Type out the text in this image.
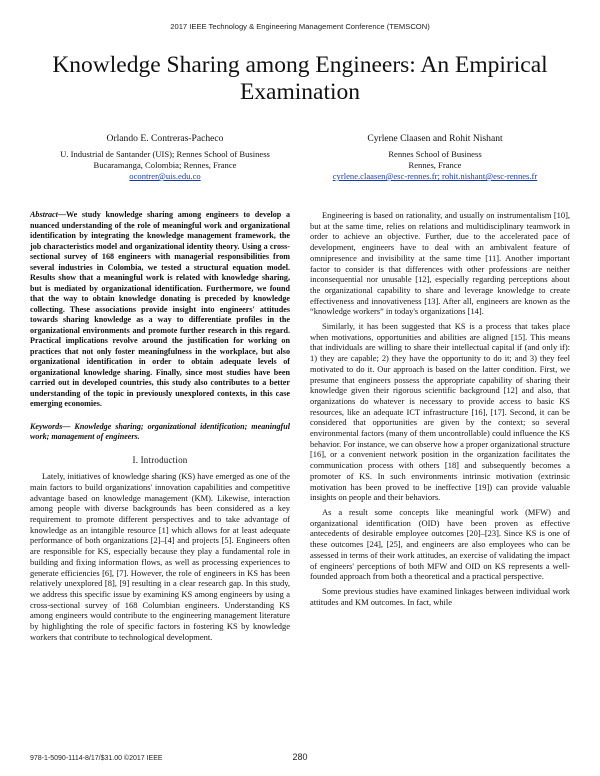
2017 IEEE Technology & Engineering Management Conference (TEMSCON)
Knowledge Sharing among Engineers: An Empirical Examination
Orlando E. Contreras-Pacheco
U. Industrial de Santander (UIS); Rennes School of Business
Bucaramanga, Colombia; Rennes, France
ocontrer@uis.edu.co
Cyrlene Claasen and Rohit Nishant
Rennes School of Business
Rennes, France
cyrlene.claasen@esc-rennes.fr; rohit.nishant@esc-rennes.fr
Abstract—We study knowledge sharing among engineers to develop a nuanced understanding of the role of meaningful work and organizational identification by integrating the knowledge management framework, the job characteristics model and organizational identity theory. Using a cross-sectional survey of 168 engineers with managerial responsibilities from several industries in Colombia, we tested a structural equation model. Results show that a meaningful work is related with knowledge sharing, but is mediated by organizational identification. Furthermore, we found that the way to obtain knowledge donating is preceded by knowledge collecting. These associations provide insight into engineers' attitudes towards sharing knowledge as a way to differentiate profiles in the organizational environments and promote further research in this regard. Practical implications revolve around the justification for working on practices that not only foster meaningfulness in the workplace, but also organizational identification in order to obtain adequate levels of organizational knowledge sharing. Finally, since most studies have been carried out in developed countries, this study also contributes to a better understanding of the topic in previously unexplored contexts, in this case emerging economies.
Keywords— Knowledge sharing; organizational identification; meaningful work; management of engineers.
I. Introduction

Lately, initiatives of knowledge sharing (KS) have emerged as one of the main factors to build organizations' innovation capabilities and competitive advantage based on knowledge management (KM). Likewise, interaction among people with diverse backgrounds has been considered as a key requirement to promote different perspectives and to take advantage of knowledge as an intangible resource [1] which allows for at least adequate performance of both organizations [2]–[4] and projects [5]. Engineers often are responsible for KS, especially because they play a fundamental role in building and fixing information flows, as well as processing experiences to generate efficiencies [6], [7]. However, the role of engineers in KS has been relatively unexplored [8], [9] resulting in a clear research gap. In this study, we address this specific issue by examining KS among engineers by using a cross-sectional survey of 168 Columbian engineers. Understanding KS among engineers would contribute to the engineering management literature by highlighting the role of specific factors in fostering KS by knowledge workers that contribute to technological development.

Engineering is based on rationality, and usually on instrumentalism [10], but at the same time, relies on relations and multidisciplinary teamwork in order to achieve an objective. Further, due to the accelerated pace of development, engineers have to deal with an ambivalent feature of omnipresence and invisibility at the same time [11]. Another important factor to consider is that differences with other professions are neither inconsequential nor unusable [12], especially regarding perceptions about the organizational capability to share and leverage knowledge to create effectiveness and innovativeness [13]. After all, engineers are known as the “knowledge workers” in today's organizations [14].

Similarly, it has been suggested that KS is a process that takes place when motivations, opportunities and abilities are aligned [15]. This means that individuals are willing to share their intellectual capital if (and only if): 1) they are capable; 2) they have the opportunity to do it; and 3) they feel motivated to do it. Our approach is based on the latter condition. First, we presume that engineers possess the appropriate capability of sharing their knowledge given their rigorous scientific background [12] and also, that organizations do whatever is necessary to provide access to basic KS resources, like an adequate ICT infrastructure [16], [17]. Second, it can be considered that opportunities are given by the context; so several environmental factors (many of them uncontrollable) could influence the KS behavior. For instance, we can observe how a proper organizational structure [16], or a convenient network position in the organization facilitates the communication process with others [18] and subsequently becomes a promoter of KS. In such environments intrinsic motivation (extrinsic motivation has been proved to be ineffective [19]) can provide valuable insights on people and their behaviors.

As a result some concepts like meaningful work (MFW) and organizational identification (OID) have been proven as effective antecedents of desirable employee outcomes [20]–[23]. Since KS is one of these outcomes [24], [25], and engineers are also employees who can be assessed in terms of their work attitudes, an exercise of validating the impact of engineers' perceptions of both MFW and OID on KS represents a well-founded approach from both a theoretical and a practical perspective.

Some previous studies have examined linkages between individual work attitudes and KM outcomes. In fact, while

978-1-5090-1114-8/17/$31.00 ©2017 IEEE	280
